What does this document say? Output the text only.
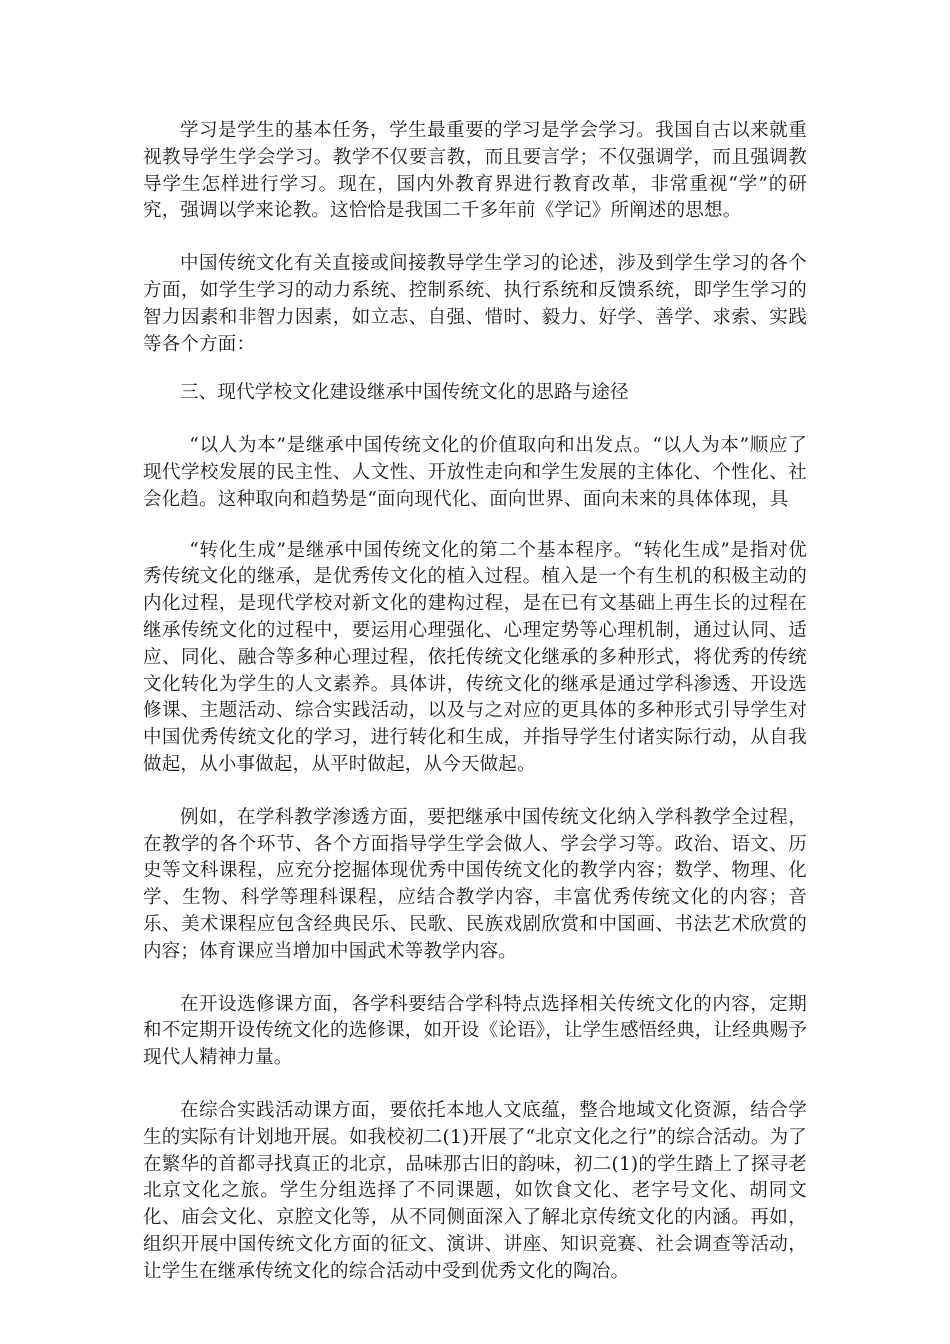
学习是学生的基本任务，学生最重要的学习是学会学习。我国自古以来就重视教导学生学会学习。教学不仅要言教，而且要言学；不仅强调学，而且强调教导学生怎样进行学习。现在，国内外教育界进行教育改革，非常重视“学”的研究，强调以学来论教。这恰恰是我国二千多年前《学记》所阐述的思想。

中国传统文化有关直接或间接教导学生学习的论述，涉及到学生学习的各个方面，如学生学习的动力系统、控制系统、执行系统和反馈系统，即学生学习的智力因素和非智力因素，如立志、自强、惜时、毅力、好学、善学、求索、实践等各个方面：

三、现代学校文化建设继承中国传统文化的思路与途径

“以人为本”是继承中国传统文化的价值取向和出发点。“以人为本”顺应了现代学校发展的民主性、人文性、开放性走向和学生发展的主体化、个性化、社会化趋。这种取向和趋势是“面向现代化、面向世界、面向未来的具体体现，具

“转化生成”是继承中国传统文化的第二个基本程序。“转化生成”是指对优秀传统文化的继承，是优秀传文化的植入过程。植入是一个有生机的积极主动的内化过程，是现代学校对新文化的建构过程，是在已有文基础上再生长的过程在继承传统文化的过程中，要运用心理强化、心理定势等心理机制，通过认同、适应、同化、融合等多种心理过程，依托传统文化继承的多种形式，将优秀的传统文化转化为学生的人文素养。具体讲，传统文化的继承是通过学科渗透、开设选修课、主题活动、综合实践活动，以及与之对应的更具体的多种形式引导学生对中国优秀传统文化的学习，进行转化和生成，并指导学生付诸实际行动，从自我做起，从小事做起，从平时做起，从今天做起。

例如，在学科教学渗透方面，要把继承中国传统文化纳入学科教学全过程，在教学的各个环节、各个方面指导学生学会做人、学会学习等。政治、语文、历史等文科课程，应充分挖掘体现优秀中国传统文化的教学内容；数学、物理、化学、生物、科学等理科课程，应结合教学内容，丰富优秀传统文化的内容；音乐、美术课程应包含经典民乐、民歌、民族戏剧欣赏和中国画、书法艺术欣赏的内容；体育课应当增加中国武术等教学内容。

在开设选修课方面，各学科要结合学科特点选择相关传统文化的内容，定期和不定期开设传统文化的选修课，如开设《论语》，让学生感悟经典，让经典赐予现代人精神力量。

在综合实践活动课方面，要依托本地人文底蕴，整合地域文化资源，结合学生的实际有计划地开展。如我校初二(1)开展了“北京文化之行”的综合活动。为了在繁华的首都寻找真正的北京，品味那古旧的韵味，初二(1)的学生踏上了探寻老北京文化之旅。学生分组选择了不同课题，如饮食文化、老字号文化、胡同文化、庙会文化、京腔文化等，从不同侧面深入了解北京传统文化的内涵。再如，组织开展中国传统文化方面的征文、演讲、讲座、知识竞赛、社会调查等活动，让学生在继承传统文化的综合活动中受到优秀文化的陶冶。
